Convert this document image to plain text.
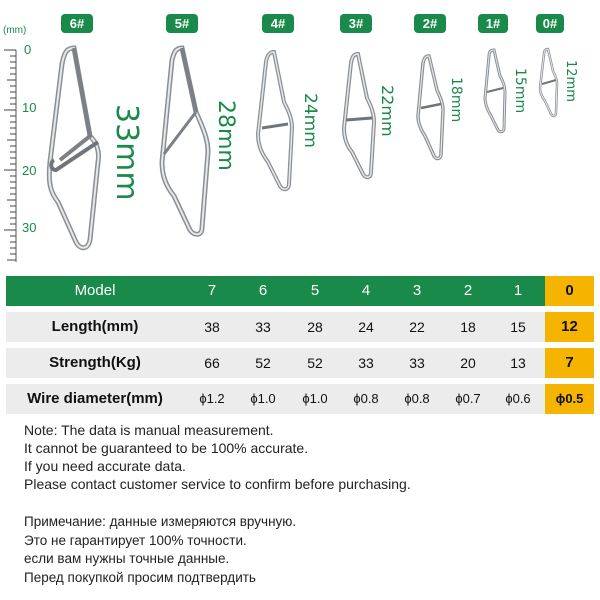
6#	5#	4#	3#	2#	1#	0#
(mm)
0
10
20
30
33mm	28mm	24mm	22mm	18mm	15mm	12mm
Model	7	6	5	4	3	2	1	0
Length(mm)	38	33	28	24	22	18	15	12
Strength(Kg)	66	52	52	33	33	20	13	7
Wire diameter(mm)	ϕ1.2	ϕ1.0	ϕ1.0	ϕ0.8	ϕ0.8	ϕ0.7	ϕ0.6	ϕ0.5

Note: The data is manual measurement.

It cannot be guaranteed to be 100% accurate.

If you need accurate data.

Please contact customer service to confirm before purchasing.

Примечание: данные измеряются вручную.

Это не гарантирует 100% точности.

если вам нужны точные данные.

Перед покупкой просим подтвердить
